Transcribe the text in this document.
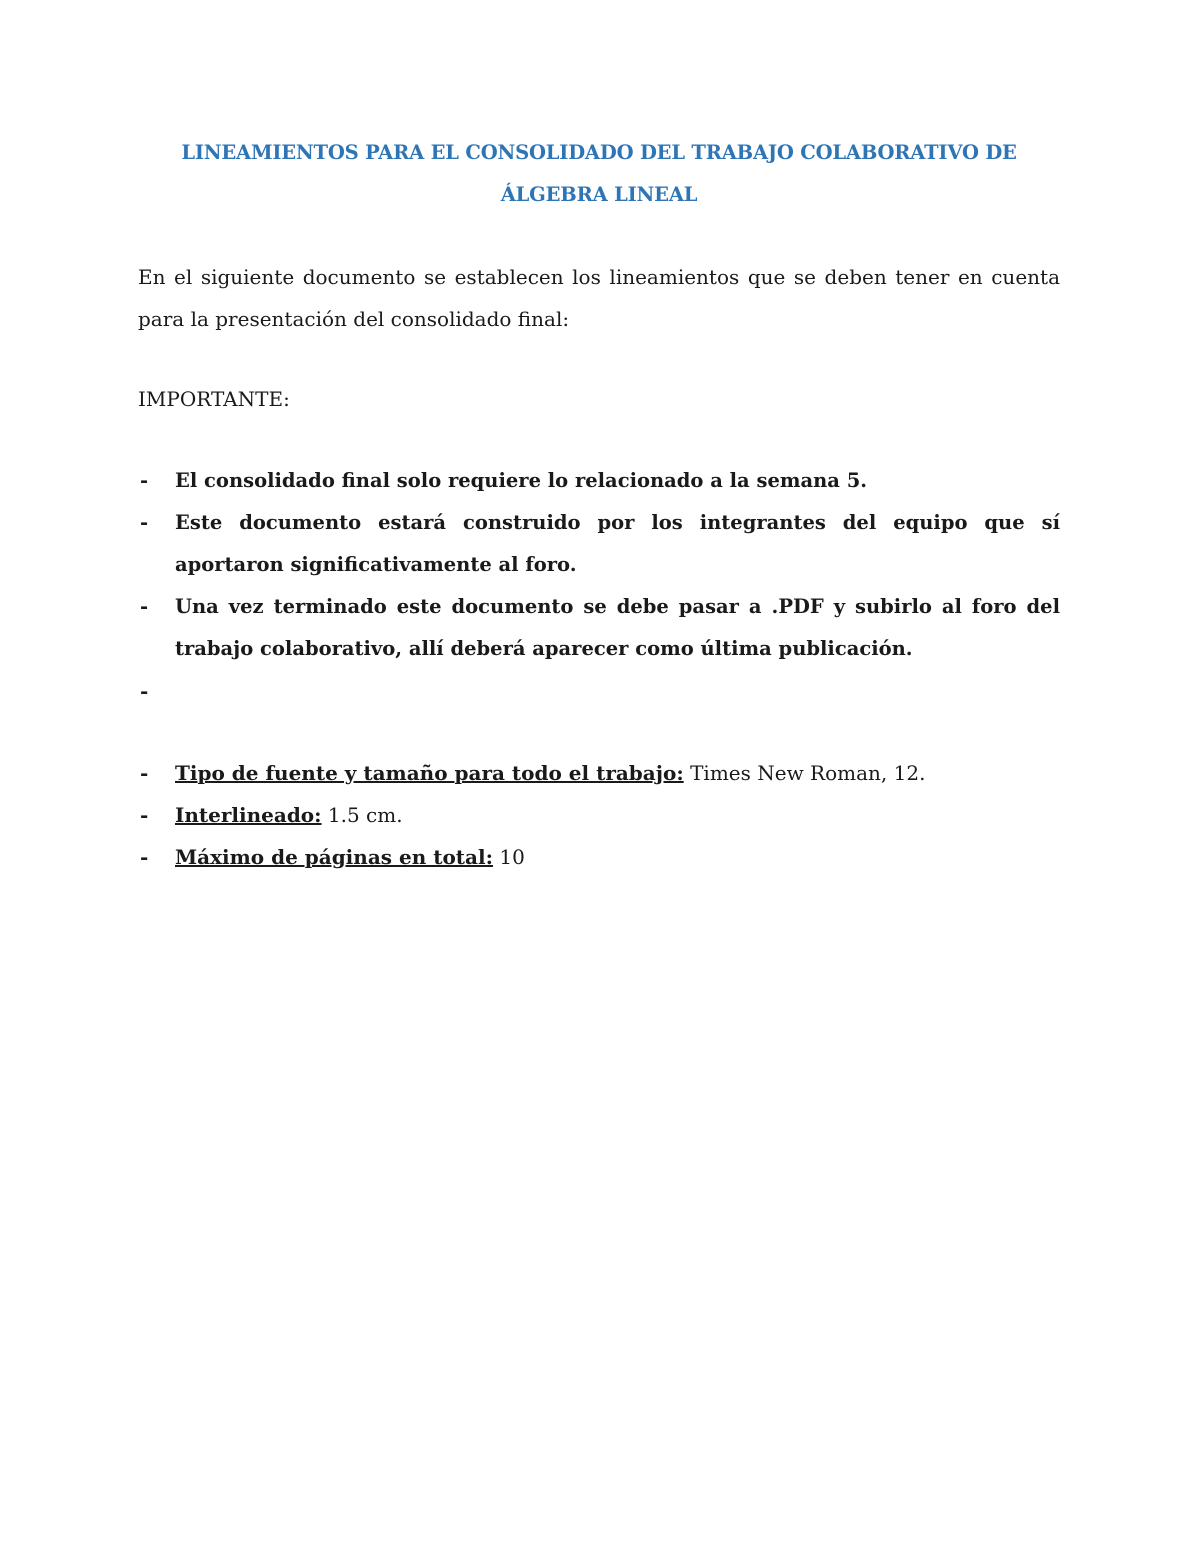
LINEAMIENTOS PARA EL CONSOLIDADO DEL TRABAJO COLABORATIVO DE
ÁLGEBRA LINEAL

En el siguiente documento se establecen los lineamientos que se deben tener en cuenta para la presentación del consolidado final:

IMPORTANTE:

- El consolidado final solo requiere lo relacionado a la semana 5.
- Este documento estará construido por los integrantes del equipo que sí aportaron significativamente al foro.
- Una vez terminado este documento se debe pasar a .PDF y subirlo al foro del trabajo colaborativo, allí deberá aparecer como última publicación.
-
- Tipo de fuente y tamaño para todo el trabajo: Times New Roman, 12.
- Interlineado: 1.5 cm.
- Máximo de páginas en total: 10
